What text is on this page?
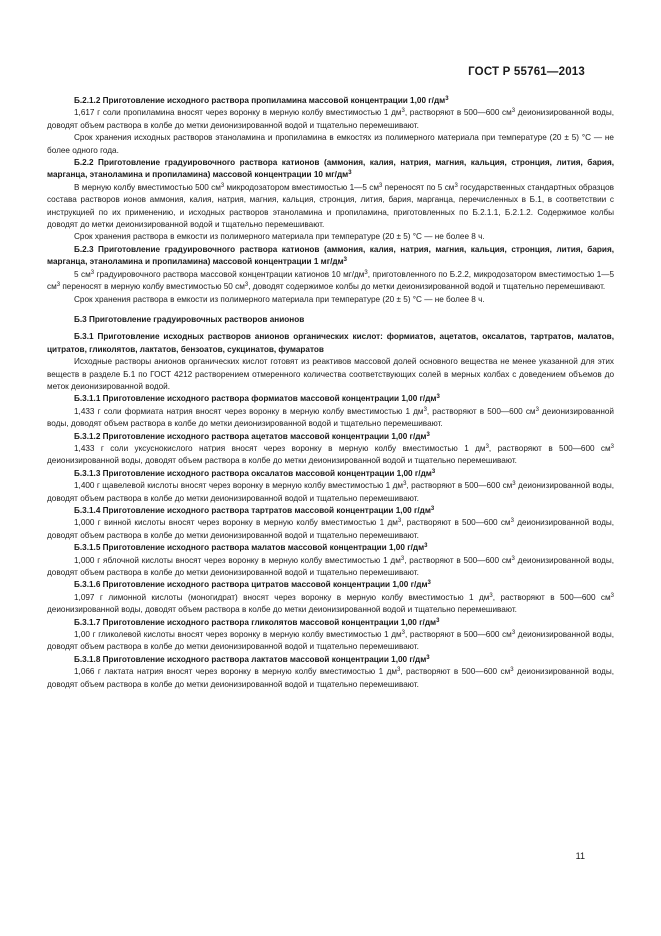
ГОСТ Р 55761—2013

Б.2.1.2 Приготовление исходного раствора пропиламина массовой концентрации 1,00 $г/дм^3$

1,617 г соли пропиламина вносят через воронку в мерную колбу вместимостью 1 $дм^3$, растворяют в 500—600 $см^3$ деионизированной воды, доводят объем раствора в колбе до метки деионизированной водой и тщательно перемешивают.

Срок хранения исходных растворов этаноламина и пропиламина в емкостях из полимерного материала при температуре (20 ± 5) °С — не более одного года.

Б.2.2 Приготовление градуировочного раствора катионов (аммония, калия, натрия, магния, кальция, стронция, лития, бария, марганца, этаноламина и пропиламина) массовой концентрации 10 $мг/дм^3$

В мерную колбу вместимостью 500 $см^3$ микродозатором вместимостью 1—5 $см^3$ переносят по 5 $см^3$ государственных стандартных образцов состава растворов ионов аммония, калия, натрия, магния, кальция, стронция, лития, бария, марганца, перечисленных в Б.1, в соответствии с инструкцией по их применению, и исходных растворов этаноламина и пропиламина, приготовленных по Б.2.1.1, Б.2.1.2. Содержимое колбы доводят до метки деионизированной водой и тщательно перемешивают.

Срок хранения раствора в емкости из полимерного материала при температуре (20 ± 5) °С — не более 8 ч.

Б.2.3 Приготовление градуировочного раствора катионов (аммония, калия, натрия, магния, кальция, стронция, лития, бария, марганца, этаноламина и пропиламина) массовой концентрации 1 $мг/дм^3$

5 $см^3$ градуировочного раствора массовой концентрации катионов 10 $мг/дм^3$, приготовленного по Б.2.2, микродозатором вместимостью 1—5 $см^3$ переносят в мерную колбу вместимостью 50 $см^3$, доводят содержимое колбы до метки деионизированной водой и тщательно перемешивают.

Срок хранения раствора в емкости из полимерного материала при температуре (20 ± 5) °С — не более 8 ч.

Б.3 Приготовление градуировочных растворов анионов

Б.3.1 Приготовление исходных растворов анионов органических кислот: формиатов, ацетатов, оксалатов, тартратов, малатов, цитратов, гликолятов, лактатов, бензоатов, сукцинатов, фумаратов

Исходные растворы анионов органических кислот готовят из реактивов массовой долей основного вещества не менее указанной для этих веществ в разделе Б.1 по ГОСТ 4212 растворением отмеренного количества соответствующих солей в мерных колбах с доведением объемов до меток деионизированной водой.

Б.3.1.1 Приготовление исходного раствора формиатов массовой концентрации 1,00 $г/дм^3$

1,433 г соли формиата натрия вносят через воронку в мерную колбу вместимостью 1 $дм^3$, растворяют в 500—600 $см^3$ деионизированной воды, доводят объем раствора в колбе до метки деионизированной водой и тщательно перемешивают.

Б.3.1.2 Приготовление исходного раствора ацетатов массовой концентрации 1,00 $г/дм^3$

1,433 г соли уксуснокислого натрия вносят через воронку в мерную колбу вместимостью 1 $дм^3$, растворяют в 500—600 $см^3$ деионизированной воды, доводят объем раствора в колбе до метки деионизированной водой и тщательно перемешивают.

Б.3.1.3 Приготовление исходного раствора оксалатов массовой концентрации 1,00 $г/дм^3$

1,400 г щавелевой кислоты вносят через воронку в мерную колбу вместимостью 1 $дм^3$, растворяют в 500—600 $см^3$ деионизированной воды, доводят объем раствора в колбе до метки деионизированной водой и тщательно перемешивают.

Б.3.1.4 Приготовление исходного раствора тартратов массовой концентрации 1,00 $г/дм^3$

1,000 г винной кислоты вносят через воронку в мерную колбу вместимостью 1 $дм^3$, растворяют в 500—600 $см^3$ деионизированной воды, доводят объем раствора в колбе до метки деионизированной водой и тщательно перемешивают.

Б.3.1.5 Приготовление исходного раствора малатов массовой концентрации 1,00 $г/дм^3$

1,000 г яблочной кислоты вносят через воронку в мерную колбу вместимостью 1 $дм^3$, растворяют в 500—600 $см^3$ деионизированной воды, доводят объем раствора в колбе до метки деионизированной водой и тщательно перемешивают.

Б.3.1.6 Приготовление исходного раствора цитратов массовой концентрации 1,00 $г/дм^3$

1,097 г лимонной кислоты (моногидрат) вносят через воронку в мерную колбу вместимостью 1 $дм^3$, растворяют в 500—600 $см^3$ деионизированной воды, доводят объем раствора в колбе до метки деионизированной водой и тщательно перемешивают.

Б.3.1.7 Приготовление исходного раствора гликолятов массовой концентрации 1,00 $г/дм^3$

1,00 г гликолевой кислоты вносят через воронку в мерную колбу вместимостью 1 $дм^3$, растворяют в 500—600 $см^3$ деионизированной воды, доводят объем раствора в колбе до метки деионизированной водой и тщательно перемешивают.

Б.3.1.8 Приготовление исходного раствора лактатов массовой концентрации 1,00 $г/дм^3$

1,066 г лактата натрия вносят через воронку в мерную колбу вместимостью 1 $дм^3$, растворяют в 500—600 $см^3$ деионизированной воды, доводят объем раствора в колбе до метки деионизированной водой и тщательно перемешивают.

11
